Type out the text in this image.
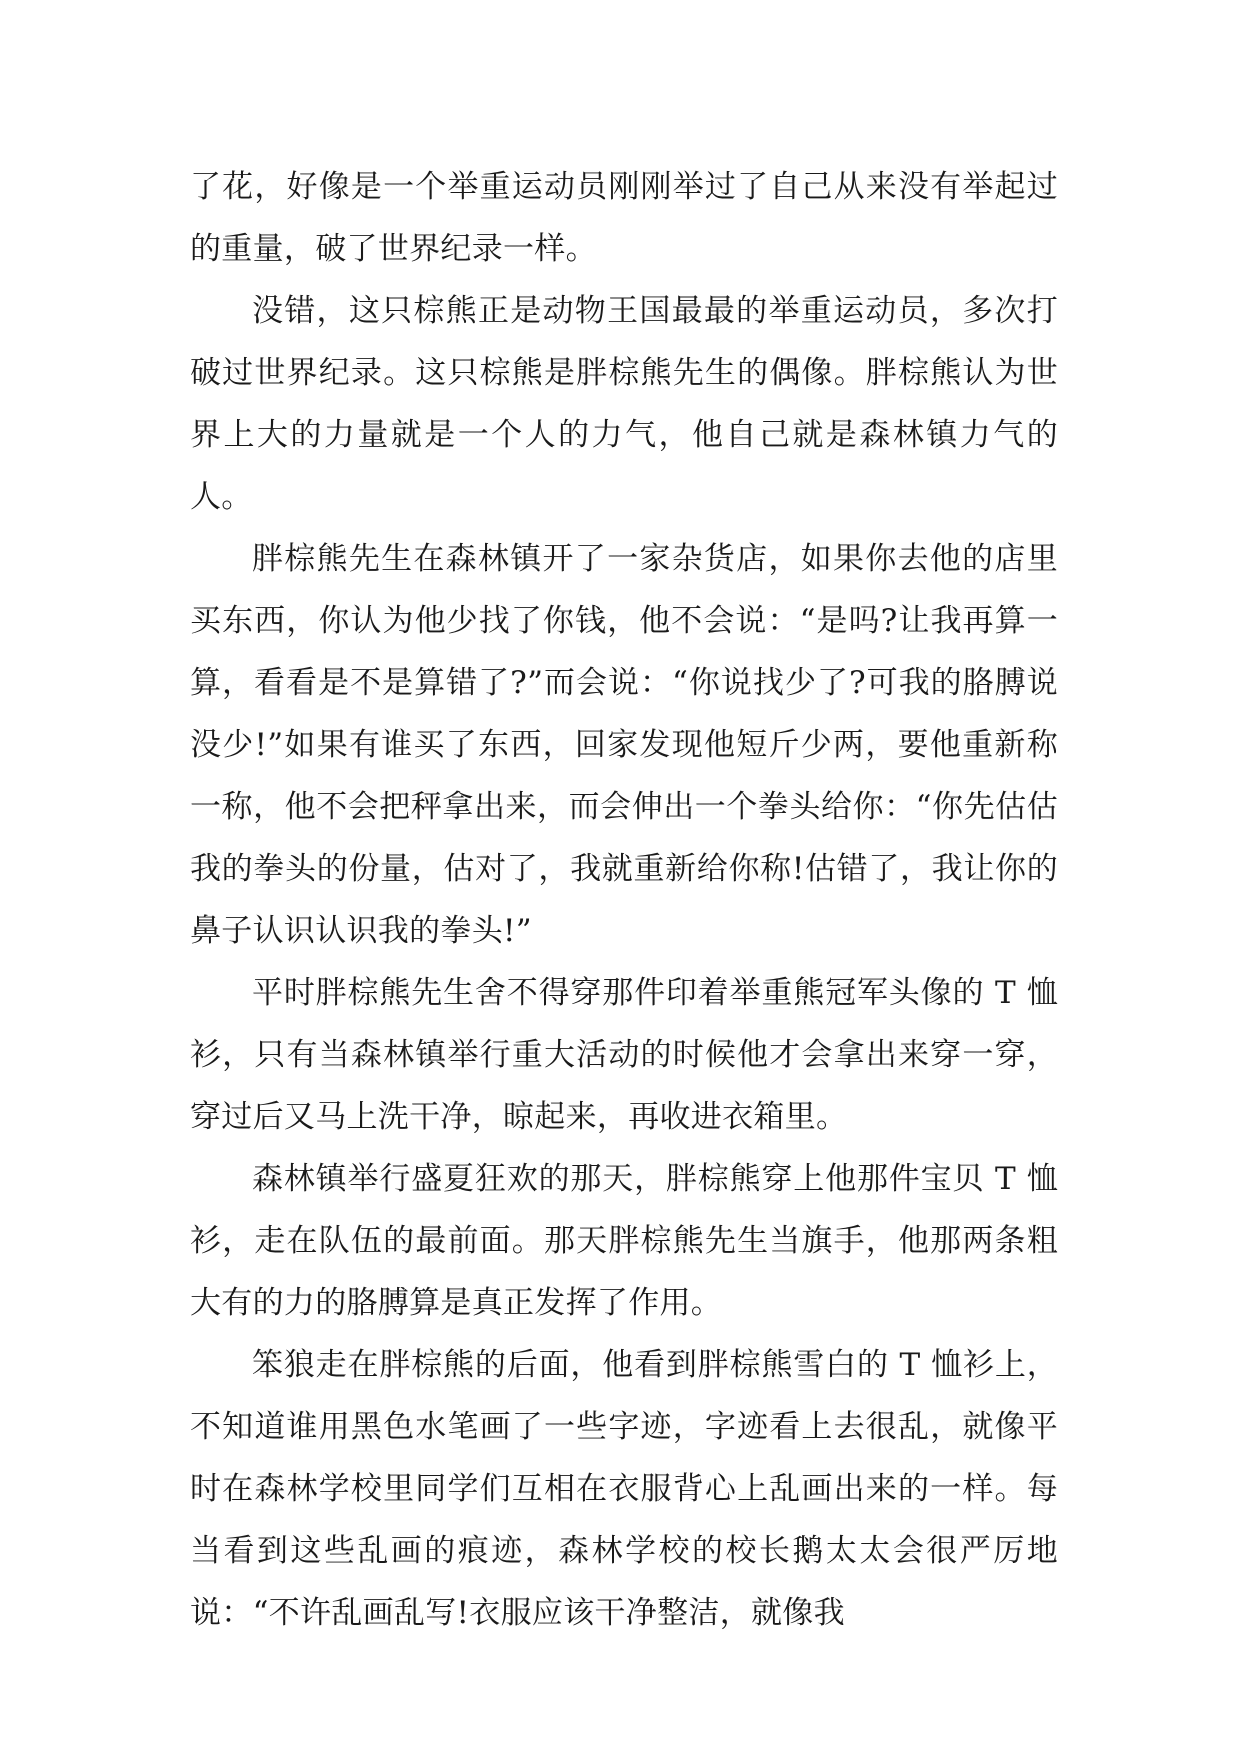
了花，好像是一个举重运动员刚刚举过了自己从来没有举起过的重量，破了世界纪录一样。

没错，这只棕熊正是动物王国最最的举重运动员，多次打破过世界纪录。这只棕熊是胖棕熊先生的偶像。胖棕熊认为世界上大的力量就是一个人的力气，他自己就是森林镇力气的人。

胖棕熊先生在森林镇开了一家杂货店，如果你去他的店里买东西，你认为他少找了你钱，他不会说：“是吗?让我再算一算，看看是不是算错了?”而会说：“你说找少了?可我的胳膊说没少!”如果有谁买了东西，回家发现他短斤少两，要他重新称一称，他不会把秤拿出来，而会伸出一个拳头给你：“你先估估我的拳头的份量，估对了，我就重新给你称!估错了，我让你的鼻子认识认识我的拳头!”

平时胖棕熊先生舍不得穿那件印着举重熊冠军头像的 T 恤衫，只有当森林镇举行重大活动的时候他才会拿出来穿一穿，穿过后又马上洗干净，晾起来，再收进衣箱里。

森林镇举行盛夏狂欢的那天，胖棕熊穿上他那件宝贝 T 恤衫，走在队伍的最前面。那天胖棕熊先生当旗手，他那两条粗大有的力的胳膊算是真正发挥了作用。

笨狼走在胖棕熊的后面，他看到胖棕熊雪白的 T 恤衫上，不知道谁用黑色水笔画了一些字迹，字迹看上去很乱，就像平时在森林学校里同学们互相在衣服背心上乱画出来的一样。每当看到这些乱画的痕迹，森林学校的校长鹅太太会很严厉地说：“不许乱画乱写!衣服应该干净整洁，就像我
